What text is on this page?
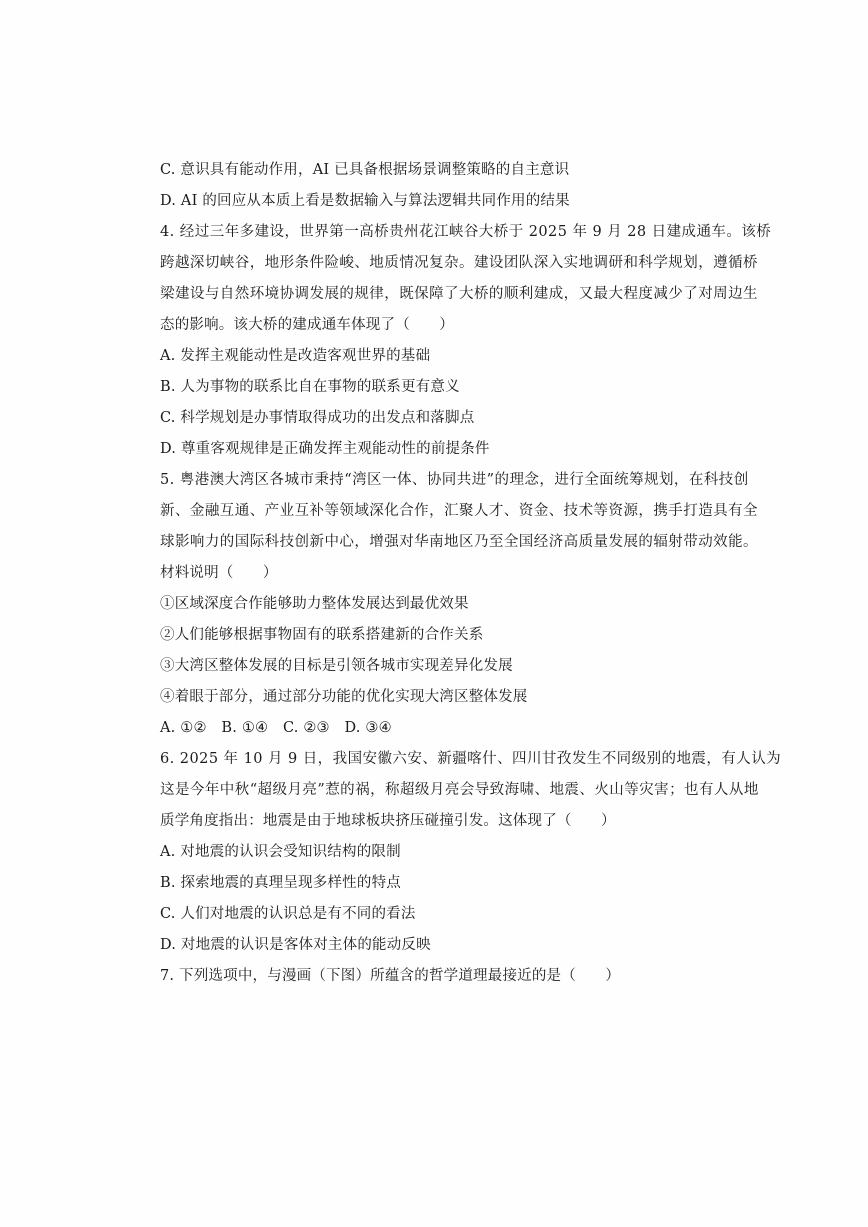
C. 意识具有能动作用，AI 已具备根据场景调整策略的自主意识
D. AI 的回应从本质上看是数据输入与算法逻辑共同作用的结果
4. 经过三年多建设，世界第一高桥贵州花江峡谷大桥于 2025 年 9 月 28 日建成通车。该桥
跨越深切峡谷，地形条件险峻、地质情况复杂。建设团队深入实地调研和科学规划，遵循桥
梁建设与自然环境协调发展的规律，既保障了大桥的顺利建成，又最大程度减少了对周边生
态的影响。该大桥的建成通车体现了（　　）
A. 发挥主观能动性是改造客观世界的基础
B. 人为事物的联系比自在事物的联系更有意义
C. 科学规划是办事情取得成功的出发点和落脚点
D. 尊重客观规律是正确发挥主观能动性的前提条件
5. 粤港澳大湾区各城市秉持“湾区一体、协同共进”的理念，进行全面统筹规划，在科技创
新、金融互通、产业互补等领域深化合作，汇聚人才、资金、技术等资源，携手打造具有全
球影响力的国际科技创新中心，增强对华南地区乃至全国经济高质量发展的辐射带动效能。
材料说明（　　）
①区域深度合作能够助力整体发展达到最优效果
②人们能够根据事物固有的联系搭建新的合作关系
③大湾区整体发展的目标是引领各城市实现差异化发展
④着眼于部分，通过部分功能的优化实现大湾区整体发展
A. ①②　B. ①④　C. ②③　D. ③④
6. 2025 年 10 月 9 日，我国安徽六安、新疆喀什、四川甘孜发生不同级别的地震，有人认为
这是今年中秋“超级月亮”惹的祸，称超级月亮会导致海啸、地震、火山等灾害；也有人从地
质学角度指出：地震是由于地球板块挤压碰撞引发。这体现了（　　）
A. 对地震的认识会受知识结构的限制
B. 探索地震的真理呈现多样性的特点
C. 人们对地震的认识总是有不同的看法
D. 对地震的认识是客体对主体的能动反映
7. 下列选项中，与漫画（下图）所蕴含的哲学道理最接近的是（　　）
